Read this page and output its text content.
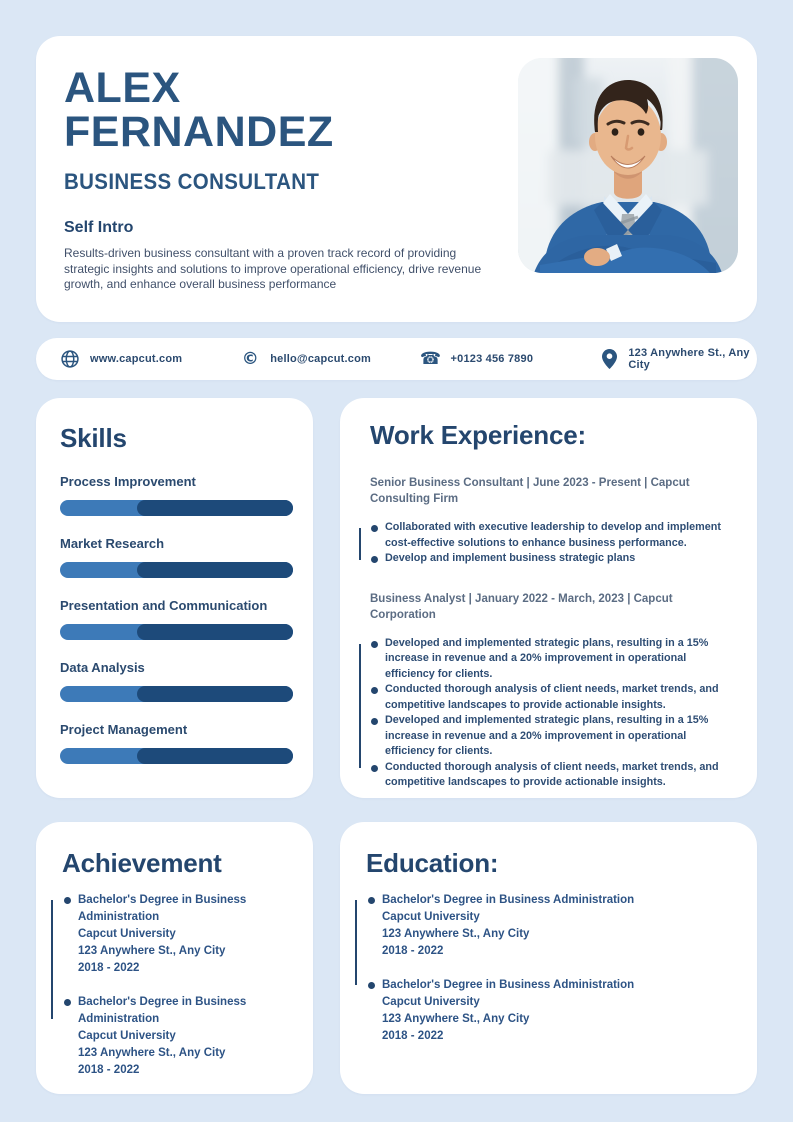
ALEX
FERNANDEZ
BUSINESS CONSULTANT
Self Intro
Results-driven business consultant with a proven track record of providing strategic insights and solutions to improve operational efficiency, drive revenue growth, and enhance overall business performance
www.capcut.com	© hello@capcut.com	☎ +0123 456 7890	123 Anywhere St., Any City
Skills
Process Improvement
Market Research
Presentation and Communication
Data Analysis
Project Management
Work Experience:
Senior Business Consultant | June 2023 - Present | Capcut Consulting Firm
Collaborated with executive leadership to develop and implement cost-effective solutions to enhance business performance.
Develop and implement business strategic plans
Business Analyst | January 2022 - March, 2023 | Capcut Corporation
Developed and implemented strategic plans, resulting in a 15% increase in revenue and a 20% improvement in operational efficiency for clients.
Conducted thorough analysis of client needs, market trends, and competitive landscapes to provide actionable insights.
Developed and implemented strategic plans, resulting in a 15% increase in revenue and a 20% improvement in operational efficiency for clients.
Conducted thorough analysis of client needs, market trends, and competitive landscapes to provide actionable insights.
Achievement
Bachelor's Degree in Business Administration
Capcut University
123 Anywhere St., Any City
2018 - 2022
Bachelor's Degree in Business Administration
Capcut University
123 Anywhere St., Any City
2018 - 2022
Education:
Bachelor's Degree in Business Administration
Capcut University
123 Anywhere St., Any City
2018 - 2022
Bachelor's Degree in Business Administration
Capcut University
123 Anywhere St., Any City
2018 - 2022
